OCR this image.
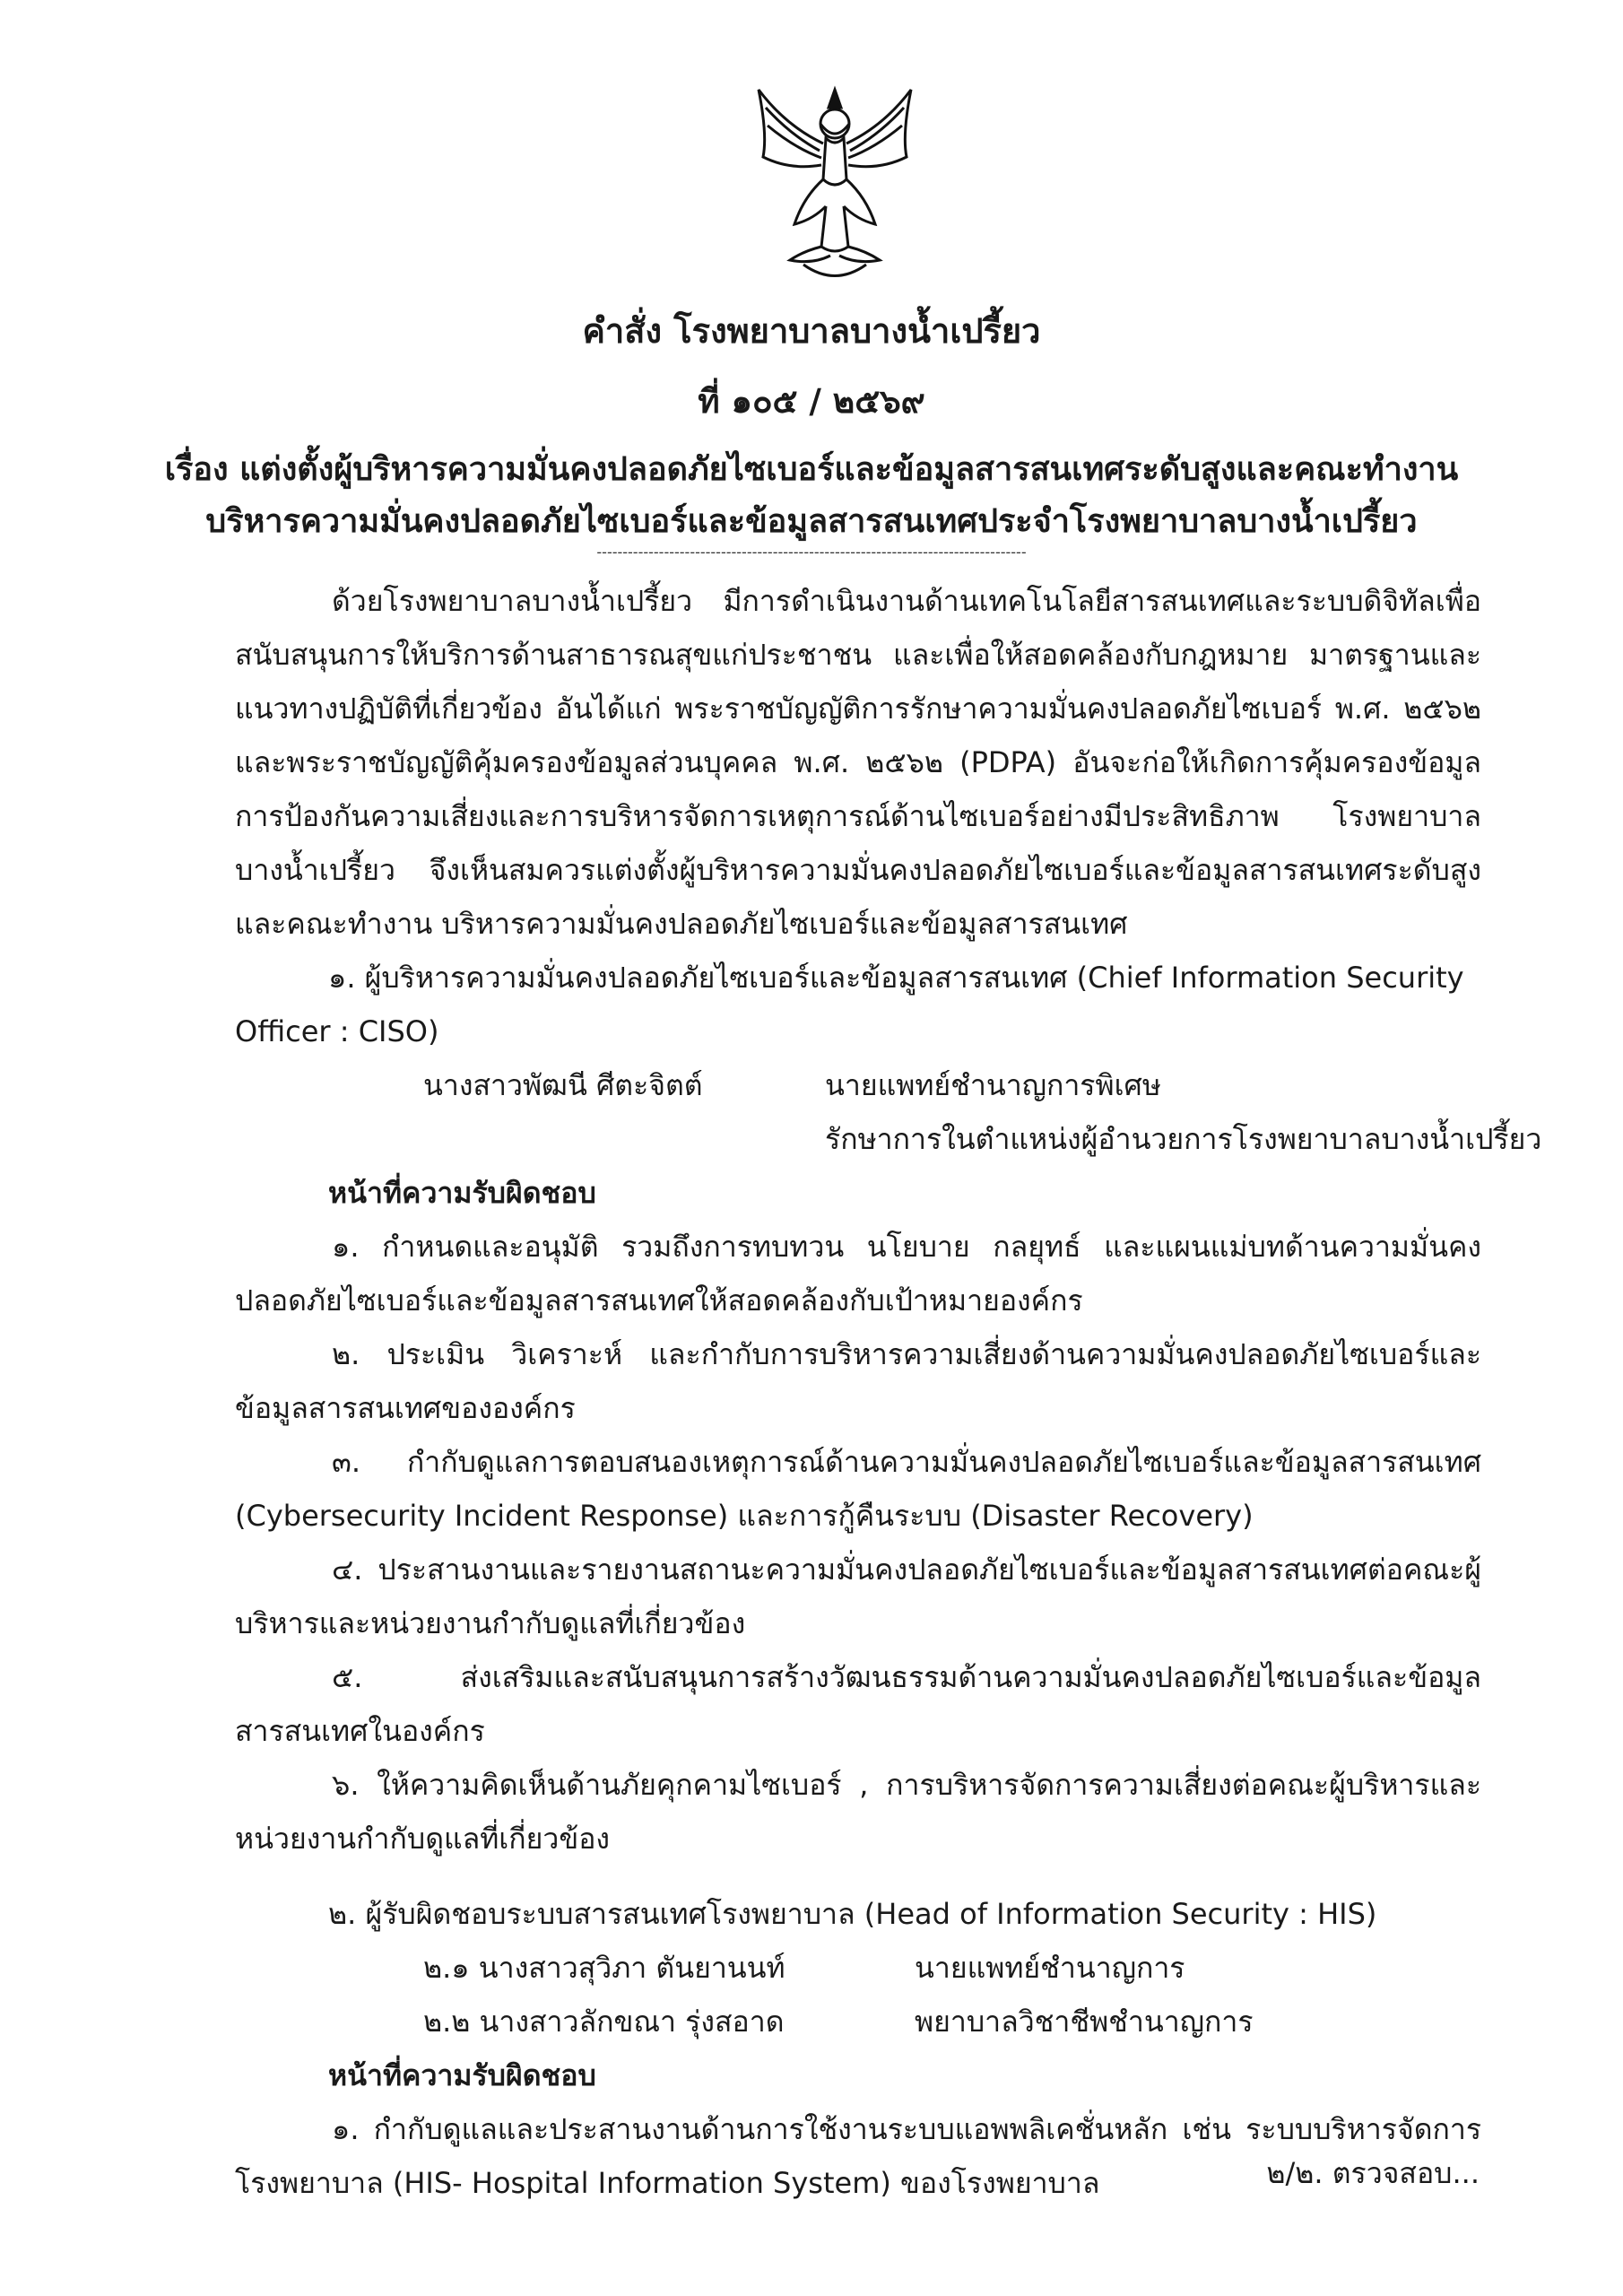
คำสั่ง โรงพยาบาลบางน้ำเปรี้ยว
ที่ ๑๐๕ / ๒๕๖๙
เรื่อง แต่งตั้งผู้บริหารความมั่นคงปลอดภัยไซเบอร์และข้อมูลสารสนเทศระดับสูงและคณะทำงาน
บริหารความมั่นคงปลอดภัยไซเบอร์และข้อมูลสารสนเทศประจำโรงพยาบาลบางน้ำเปรี้ยว
-----------------------------------------------------------------------------------

ด้วยโรงพยาบาลบางน้ำเปรี้ยว มีการดำเนินงานด้านเทคโนโลยีสารสนเทศและระบบดิจิทัลเพื่อสนับสนุนการให้บริการด้านสาธารณสุขแก่ประชาชน และเพื่อให้สอดคล้องกับกฎหมาย มาตรฐานและแนวทางปฏิบัติที่เกี่ยวข้อง อันได้แก่ พระราชบัญญัติการรักษาความมั่นคงปลอดภัยไซเบอร์ พ.ศ. ๒๕๖๒ และพระราชบัญญัติคุ้มครองข้อมูลส่วนบุคคล พ.ศ. ๒๕๖๒ (PDPA) อันจะก่อให้เกิดการคุ้มครองข้อมูล การป้องกันความเสี่ยงและการบริหารจัดการเหตุการณ์ด้านไซเบอร์อย่างมีประสิทธิภาพ โรงพยาบาลบางน้ำเปรี้ยว จึงเห็นสมควรแต่งตั้งผู้บริหารความมั่นคงปลอดภัยไซเบอร์และข้อมูลสารสนเทศระดับสูงและคณะทำงาน บริหารความมั่นคงปลอดภัยไซเบอร์และข้อมูลสารสนเทศ

๑. ผู้บริหารความมั่นคงปลอดภัยไซเบอร์และข้อมูลสารสนเทศ (Chief Information Security

Officer : CISO)

นางสาวพัฒนี ศีตะจิตต์	นายแพทย์ชำนาญการพิเศษ
รักษาการในตำแหน่งผู้อำนวยการโรงพยาบาลบางน้ำเปรี้ยว

หน้าที่ความรับผิดชอบ

๑. กำหนดและอนุมัติ รวมถึงการทบทวน นโยบาย กลยุทธ์ และแผนแม่บทด้านความมั่นคงปลอดภัยไซเบอร์และข้อมูลสารสนเทศให้สอดคล้องกับเป้าหมายองค์กร

๒. ประเมิน วิเคราะห์ และกำกับการบริหารความเสี่ยงด้านความมั่นคงปลอดภัยไซเบอร์และข้อมูลสารสนเทศขององค์กร

๓. กำกับดูแลการตอบสนองเหตุการณ์ด้านความมั่นคงปลอดภัยไซเบอร์และข้อมูลสารสนเทศ (Cybersecurity Incident Response) และการกู้คืนระบบ (Disaster Recovery)

๔. ประสานงานและรายงานสถานะความมั่นคงปลอดภัยไซเบอร์และข้อมูลสารสนเทศต่อคณะผู้บริหารและหน่วยงานกำกับดูแลที่เกี่ยวข้อง

๕. ส่งเสริมและสนับสนุนการสร้างวัฒนธรรมด้านความมั่นคงปลอดภัยไซเบอร์และข้อมูลสารสนเทศในองค์กร

๖. ให้ความคิดเห็นด้านภัยคุกคามไซเบอร์ , การบริหารจัดการความเสี่ยงต่อคณะผู้บริหารและหน่วยงานกำกับดูแลที่เกี่ยวข้อง

๒. ผู้รับผิดชอบระบบสารสนเทศโรงพยาบาล (Head of Information Security : HIS)

๒.๑ นางสาวสุวิภา ตันยานนท์	นายแพทย์ชำนาญการ
๒.๒ นางสาวลักขณา รุ่งสอาด	พยาบาลวิชาชีพชำนาญการ

หน้าที่ความรับผิดชอบ

๑. กำกับดูแลและประสานงานด้านการใช้งานระบบแอพพลิเคชั่นหลัก เช่น ระบบบริหารจัดการโรงพยาบาล (HIS- Hospital Information System) ของโรงพยาบาล	๒/๒. ตรวจสอบ...
